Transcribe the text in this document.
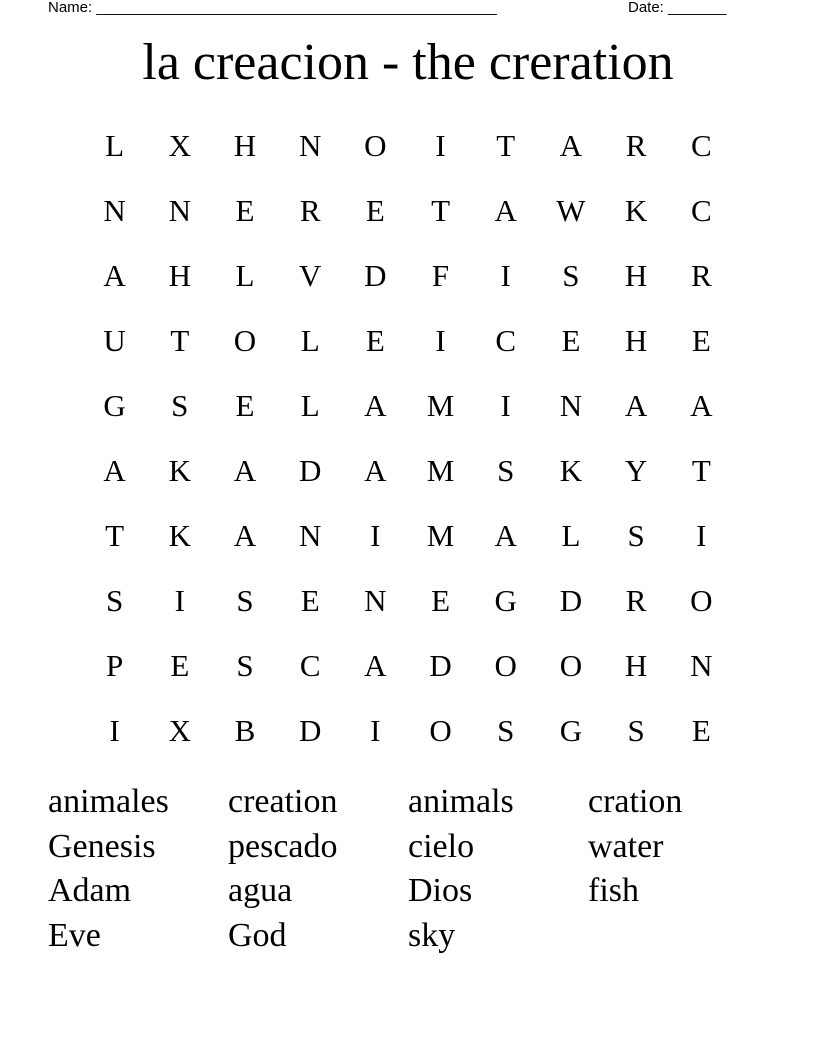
Name: ________________________________________________	Date: _______
la creacion - the creration
L	X	H	N	O	I	T	A	R	C
N	N	E	R	E	T	A	W	K	C
A	H	L	V	D	F	I	S	H	R
U	T	O	L	E	I	C	E	H	E
G	S	E	L	A	M	I	N	A	A
A	K	A	D	A	M	S	K	Y	T
T	K	A	N	I	M	A	L	S	I
S	I	S	E	N	E	G	D	R	O
P	E	S	C	A	D	O	O	H	N
I	X	B	D	I	O	S	G	S	E
animales	creation	animals	cration
Genesis	pescado	cielo	water
Adam	agua	Dios	fish
Eve	God	sky
